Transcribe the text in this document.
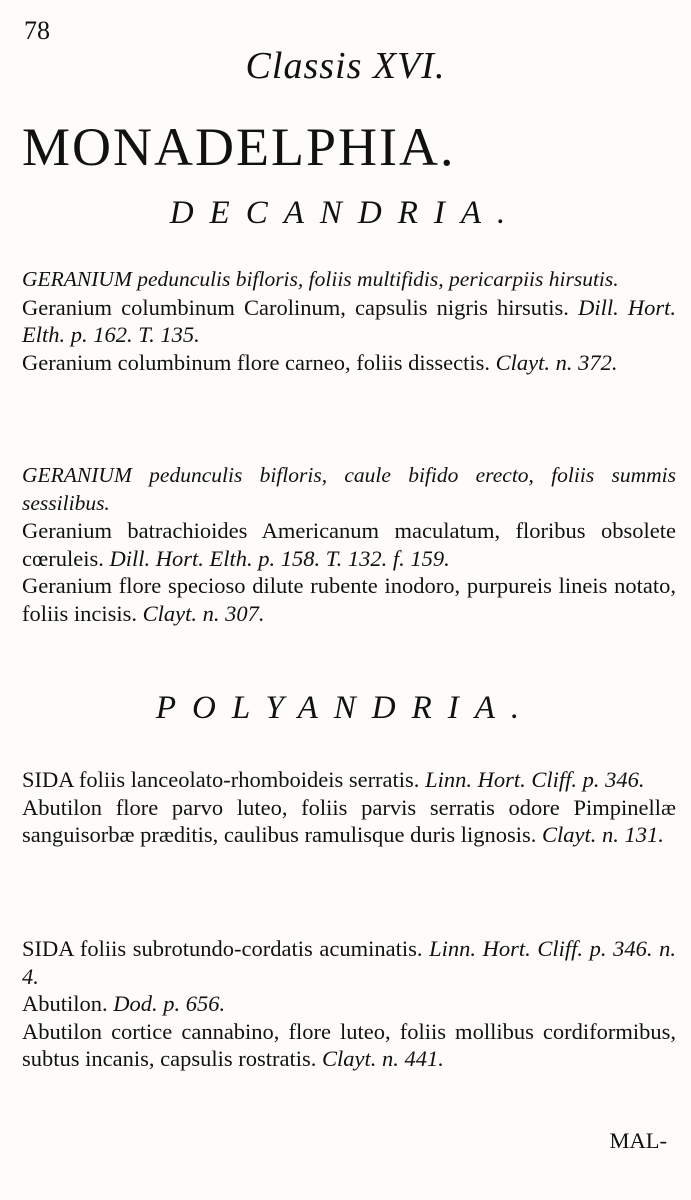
78
Classis XVI.
MONADELPHIA.
DECANDRIA.

GERANIUM pedunculis bifloris, foliis multifidis, pericarpiis hirsutis.

Geranium columbinum Carolinum, capsulis nigris hirsutis. Dill. Hort. Elth. p. 162. T. 135.

Geranium columbinum flore carneo, foliis dissectis. Clayt. n. 372.

GERANIUM pedunculis bifloris, caule bifido erecto, foliis summis sessilibus.

Geranium batrachioides Americanum maculatum, floribus obsolete cœruleis. Dill. Hort. Elth. p. 158. T. 132. f. 159.

Geranium flore specioso dilute rubente inodoro, purpureis lineis notato, foliis incisis. Clayt. n. 307.

POLYANDRIA.

SIDA foliis lanceolato-rhomboideis serratis. Linn. Hort. Cliff. p. 346.

Abutilon flore parvo luteo, foliis parvis serratis odore Pimpinellæ sanguisorbæ præditis, caulibus ramulisque duris lignosis. Clayt. n. 131.

SIDA foliis subrotundo-cordatis acuminatis. Linn. Hort. Cliff. p. 346. n. 4.

Abutilon. Dod. p. 656.

Abutilon cortice cannabino, flore luteo, foliis mollibus cordiformibus, subtus incanis, capsulis rostratis. Clayt. n. 441.

MAL-
